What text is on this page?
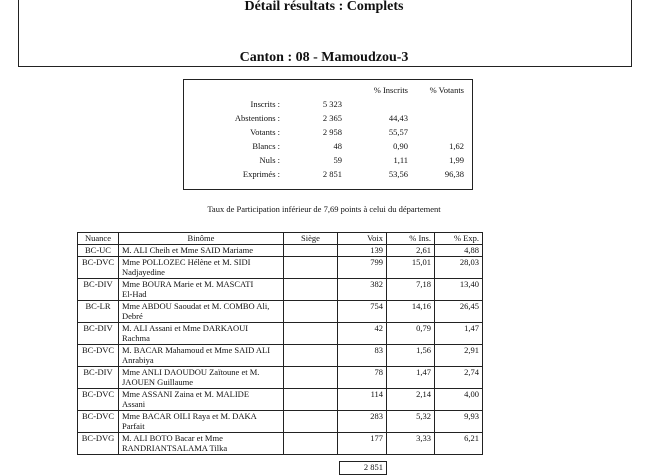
Détail résultats : Complets
Canton : 08 - Mamoudzou-3
		% Inscrits	% Votants
Inscrits :	5 323		
Abstentions :	2 365	44,43	
Votants :	2 958	55,57	
Blancs :	48	0,90	1,62
Nuls :	59	1,11	1,99
Exprimés :	2 851	53,56	96,38
Taux de Participation inférieur de 7,69 points à celui du département
Nuance	Binôme	Siège	Voix	% Ins.	% Exp.
BC-UC	M. ALI Cheih et Mme SAID Mariame		139	2,61	4,88
BC-DVC	Mme POLLOZEC Hélène et M. SIDI
Nadjayedine		799	15,01	28,03
BC-DIV	Mme BOURA Marie et M. MASCATI
El-Had		382	7,18	13,40
BC-LR	Mme ABDOU Saoudat et M. COMBO Ali,
Debré		754	14,16	26,45
BC-DIV	M. ALI Assani et Mme DARKAOUI
Rachma		42	0,79	1,47
BC-DVC	M. BACAR Mahamoud et Mme SAID ALI
Anrabiya		83	1,56	2,91
BC-DIV	Mme ANLI DAOUDOU Zaïtoune et M.
JAOUEN Guillaume		78	1,47	2,74
BC-DVC	Mme ASSANI Zaina et M. MALIDE
Assani		114	2,14	4,00
BC-DVC	Mme BACAR OILI Raya et M. DAKA
Parfait		283	5,32	9,93
BC-DVG	M. ALI BOTO Bacar et Mme
RANDRIANTSALAMA Tilka		177	3,33	6,21
2 851
